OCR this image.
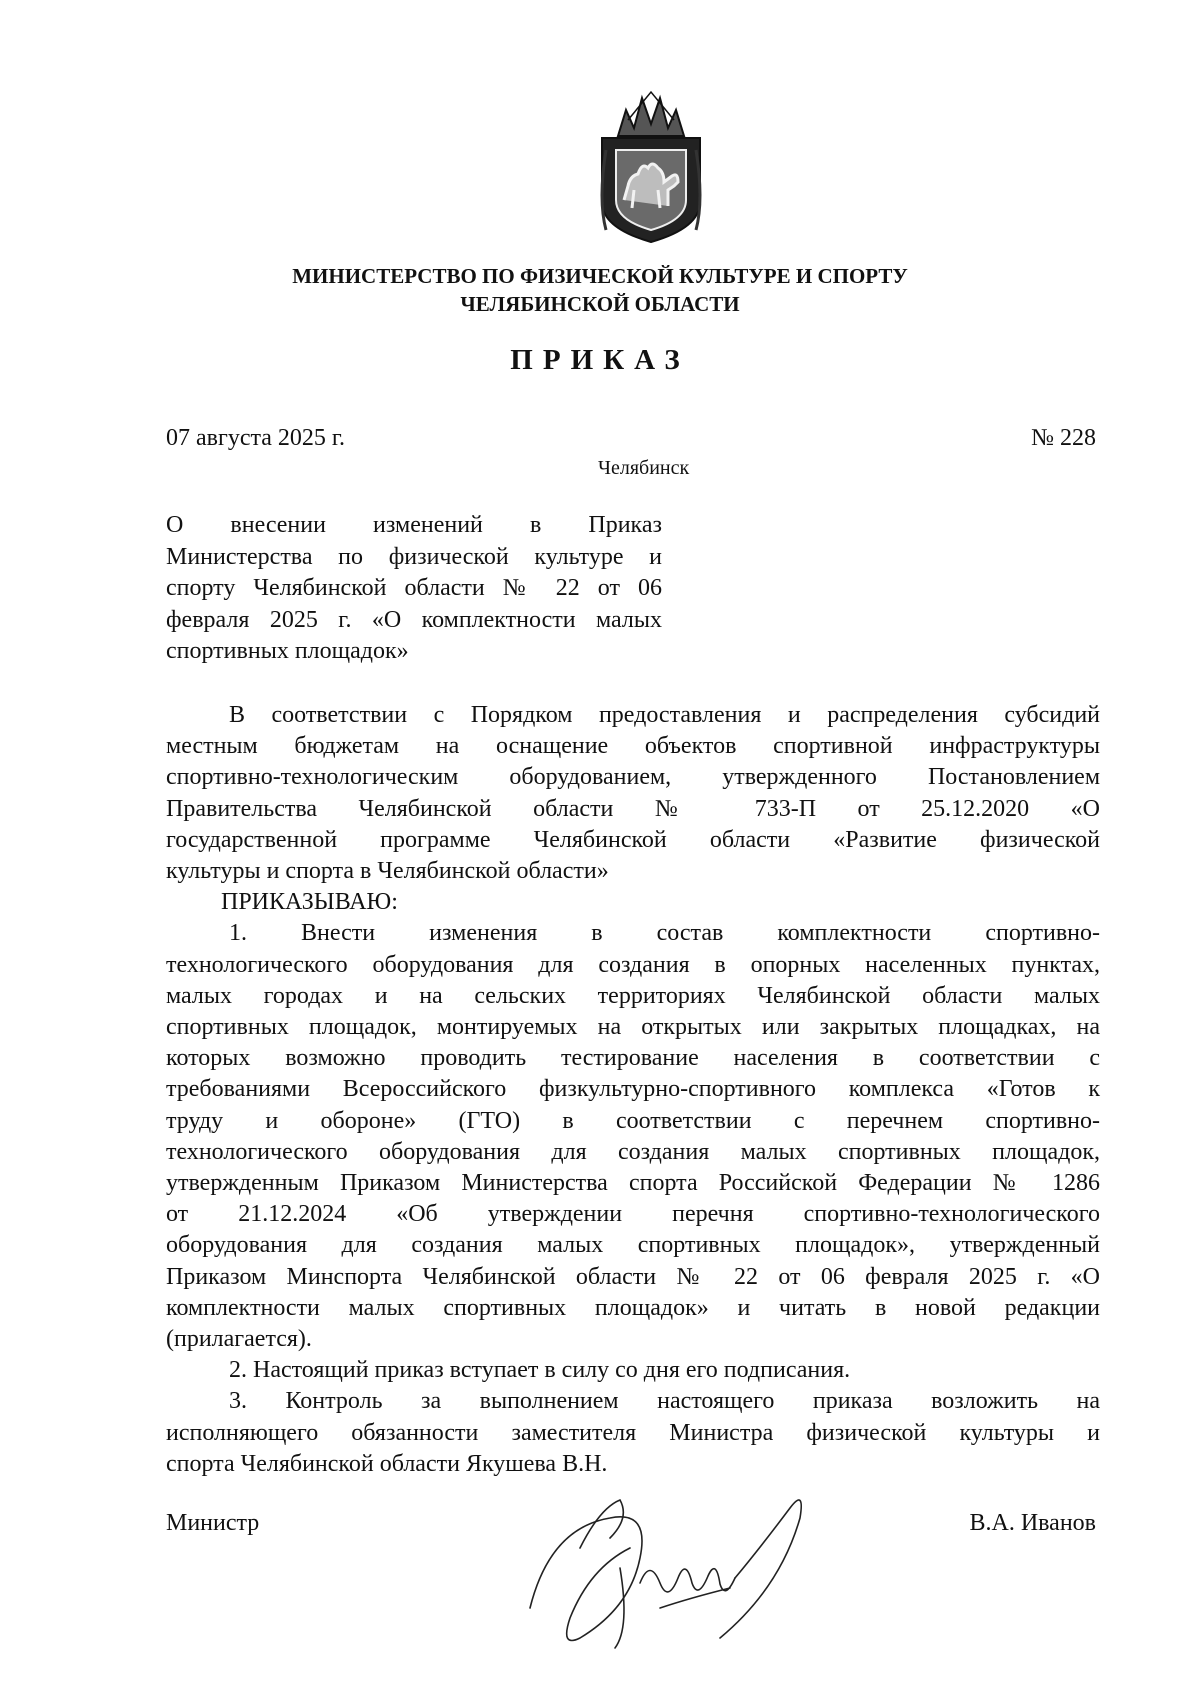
МИНИСТЕРСТВО ПО ФИЗИЧЕСКОЙ КУЛЬТУРЕ И СПОРТУ
ЧЕЛЯБИНСКОЙ ОБЛАСТИ
ПРИКАЗ
07 августа 2025 г.	№ 228
Челябинск
О внесении изменений в Приказ
Министерства по физической культуре и
спорту Челябинской области № 22 от 06
февраля 2025 г. «О комплектности малых
спортивных площадок»
В соответствии с Порядком предоставления и распределения субсидий
местным бюджетам на оснащение объектов спортивной инфраструктуры
спортивно-технологическим оборудованием, утвержденного Постановлением
Правительства Челябинской области № 733-П от 25.12.2020 «О
государственной программе Челябинской области «Развитие физической
культуры и спорта в Челябинской области»
ПРИКАЗЫВАЮ:
1. Внести изменения в состав комплектности спортивно-
технологического оборудования для создания в опорных населенных пунктах,
малых городах и на сельских территориях Челябинской области малых
спортивных площадок, монтируемых на открытых или закрытых площадках, на
которых возможно проводить тестирование населения в соответствии с
требованиями Всероссийского физкультурно-спортивного комплекса «Готов к
труду и обороне» (ГТО) в соответствии с перечнем спортивно-
технологического оборудования для создания малых спортивных площадок,
утвержденным Приказом Министерства спорта Российской Федерации № 1286
от 21.12.2024 «Об утверждении перечня спортивно-технологического
оборудования для создания малых спортивных площадок», утвержденный
Приказом Минспорта Челябинской области № 22 от 06 февраля 2025 г. «О
комплектности малых спортивных площадок» и читать в новой редакции
(прилагается).
2. Настоящий приказ вступает в силу со дня его подписания.
3. Контроль за выполнением настоящего приказа возложить на
исполняющего обязанности заместителя Министра физической культуры и
спорта Челябинской области Якушева В.Н.
Министр	В.А. Иванов
